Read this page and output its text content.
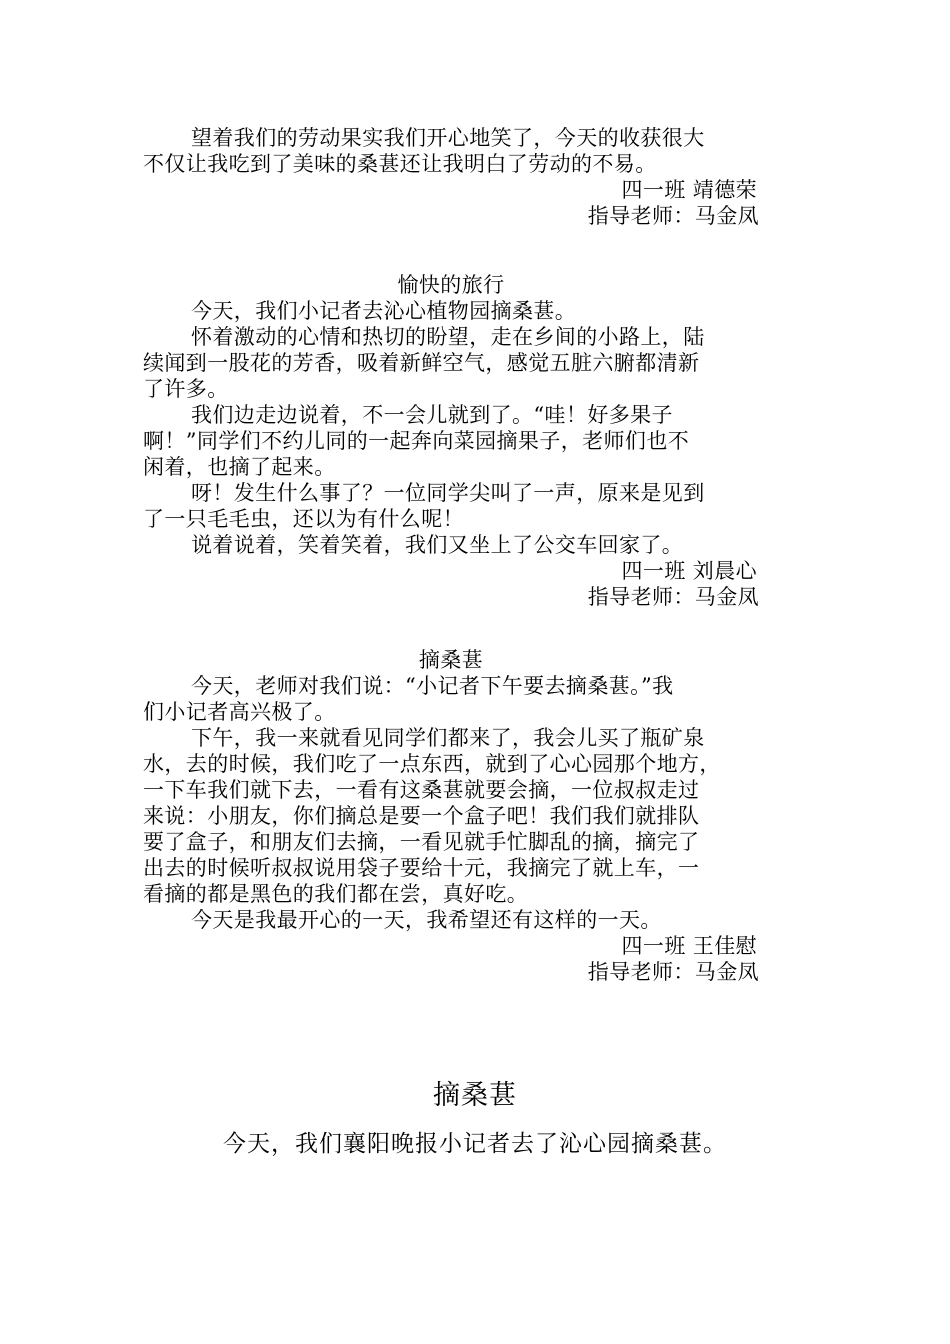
望着我们的劳动果实我们开心地笑了，今天的收获很大
不仅让我吃到了美味的桑葚还让我明白了劳动的不易。
四一班 靖德荣
指导老师：马金凤
愉快的旅行
今天，我们小记者去沁心植物园摘桑葚。
怀着激动的心情和热切的盼望，走在乡间的小路上，陆
续闻到一股花的芳香，吸着新鲜空气，感觉五脏六腑都清新
了许多。
我们边走边说着，不一会儿就到了。“哇！好多果子
啊！”同学们不约儿同的一起奔向菜园摘果子，老师们也不
闲着，也摘了起来。
呀！发生什么事了？一位同学尖叫了一声，原来是见到
了一只毛毛虫，还以为有什么呢！
说着说着，笑着笑着，我们又坐上了公交车回家了。
四一班 刘晨心
指导老师：马金凤
摘桑葚
今天，老师对我们说：“小记者下午要去摘桑葚。”我
们小记者高兴极了。
下午，我一来就看见同学们都来了，我会儿买了瓶矿泉
水，去的时候，我们吃了一点东西，就到了心心园那个地方，
一下车我们就下去，一看有这桑葚就要会摘，一位叔叔走过
来说：小朋友，你们摘总是要一个盒子吧！我们我们就排队
要了盒子，和朋友们去摘，一看见就手忙脚乱的摘，摘完了
出去的时候听叔叔说用袋子要给十元，我摘完了就上车，一
看摘的都是黑色的我们都在尝，真好吃。
今天是我最开心的一天，我希望还有这样的一天。
四一班 王佳慰
指导老师：马金凤
摘桑葚
今天，我们襄阳晚报小记者去了沁心园摘桑葚。
